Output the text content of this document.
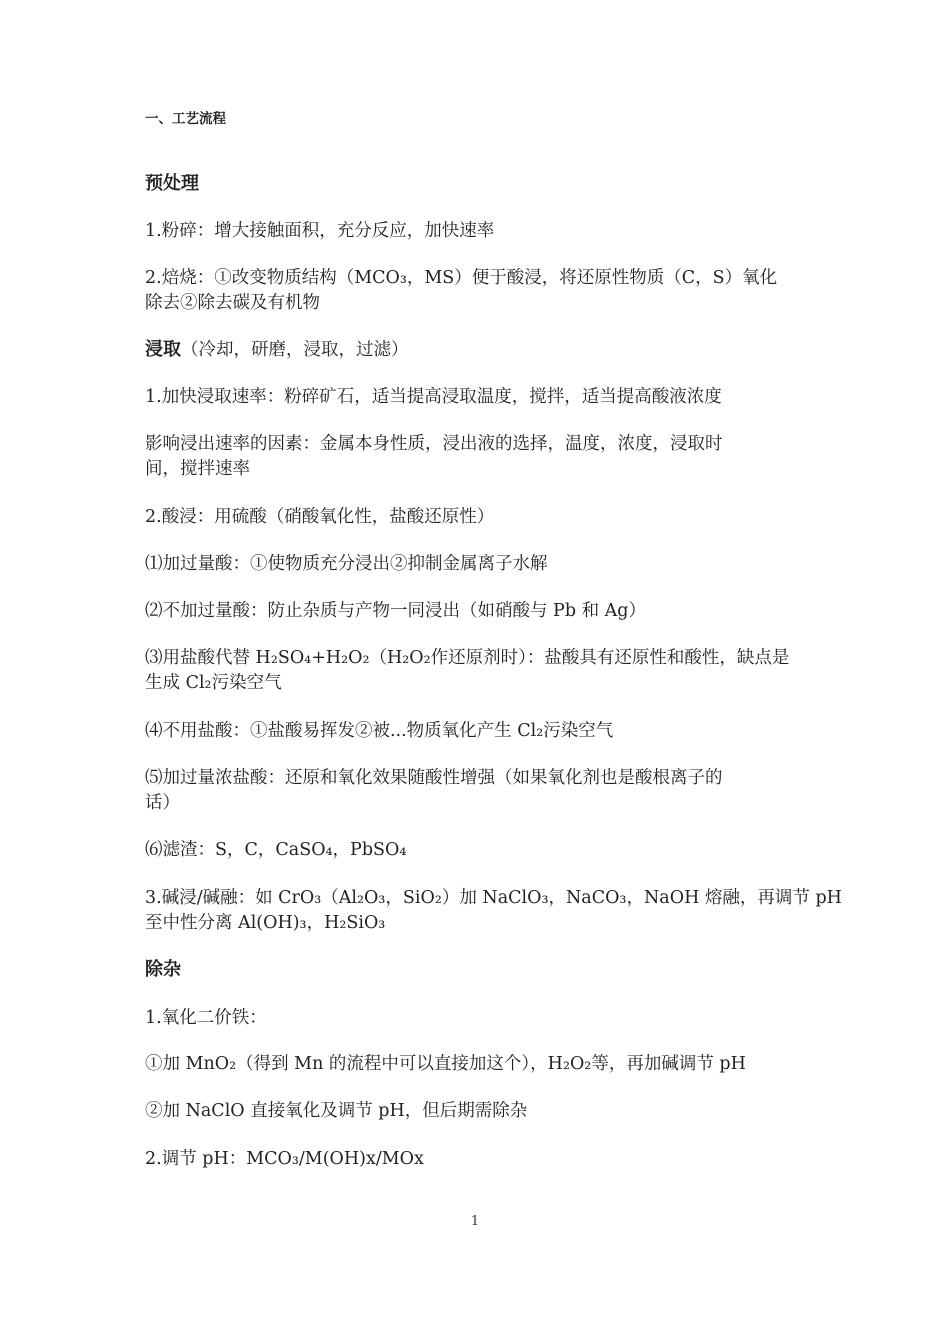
一、工艺流程
预处理
1.粉碎：增大接触面积，充分反应，加快速率
2.焙烧：①改变物质结构（MCO₃，MS）便于酸浸，将还原性物质（C，S）氧化
除去②除去碳及有机物
浸取（冷却，研磨，浸取，过滤）
1.加快浸取速率：粉碎矿石，适当提高浸取温度，搅拌，适当提高酸液浓度
影响浸出速率的因素：金属本身性质，浸出液的选择，温度，浓度，浸取时
间，搅拌速率
2.酸浸：用硫酸（硝酸氧化性，盐酸还原性）
⑴加过量酸：①使物质充分浸出②抑制金属离子水解
⑵不加过量酸：防止杂质与产物一同浸出（如硝酸与 Pb 和 Ag）
⑶用盐酸代替 H₂SO₄+H₂O₂（H₂O₂作还原剂时）：盐酸具有还原性和酸性，缺点是
生成 Cl₂污染空气
⑷不用盐酸：①盐酸易挥发②被...物质氧化产生 Cl₂污染空气
⑸加过量浓盐酸：还原和氧化效果随酸性增强（如果氧化剂也是酸根离子的
话）
⑹滤渣：S，C，CaSO₄，PbSO₄
3.碱浸/碱融：如 CrO₃（Al₂O₃，SiO₂）加 NaClO₃，NaCO₃，NaOH 熔融，再调节 pH
至中性分离 Al(OH)₃，H₂SiO₃
除杂
1.氧化二价铁：
①加 MnO₂（得到 Mn 的流程中可以直接加这个），H₂O₂等，再加碱调节 pH
②加 NaClO 直接氧化及调节 pH，但后期需除杂
2.调节 pH：MCO₃/M(OH)x/MOx
1
